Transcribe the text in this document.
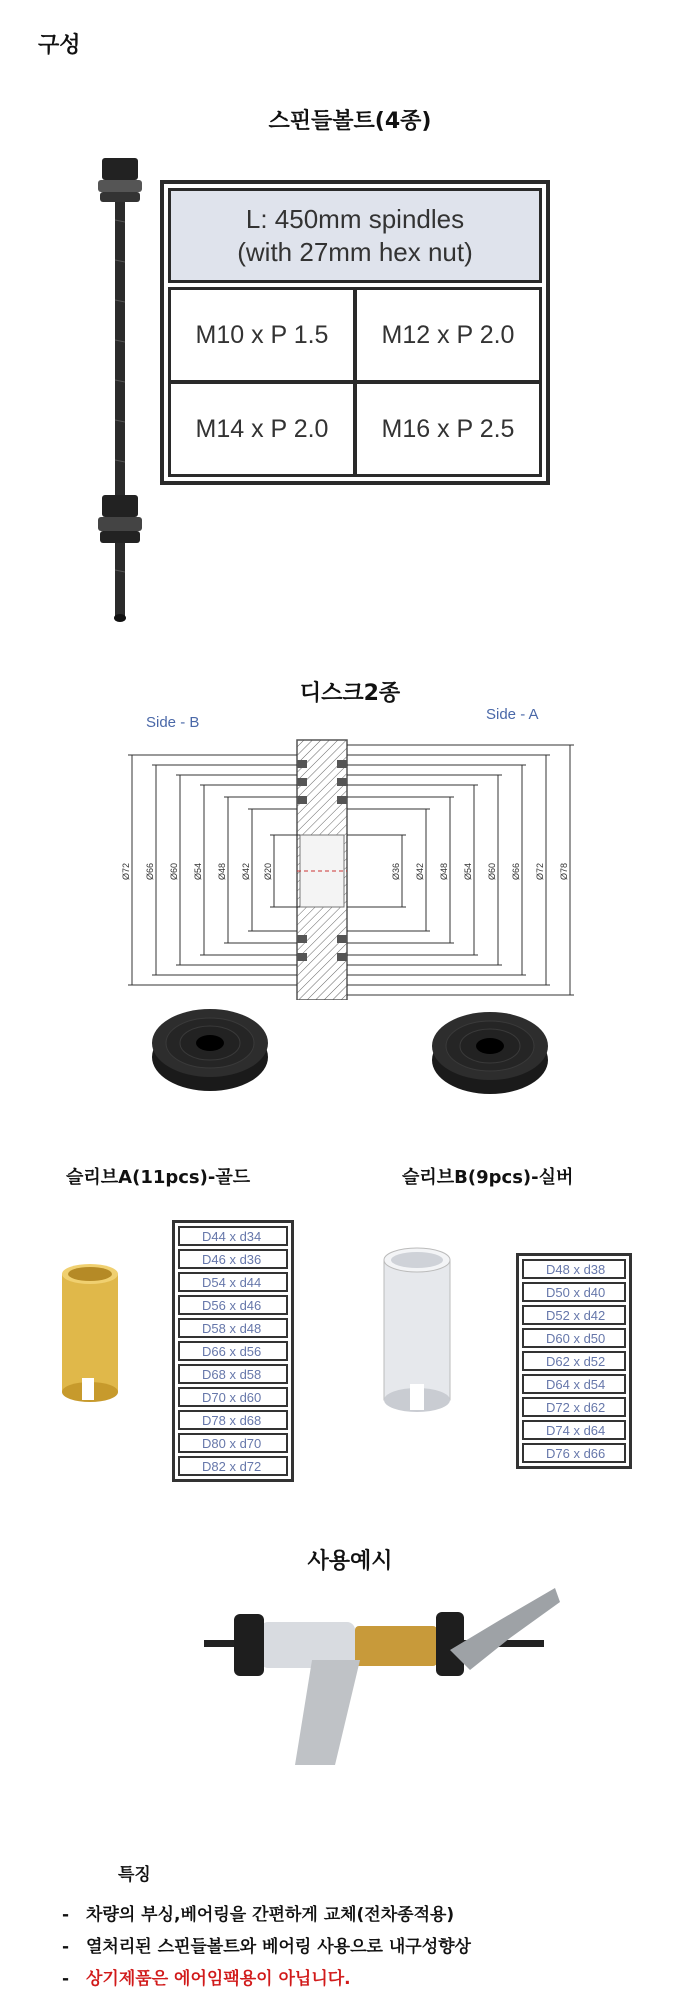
구성
스핀들볼트(4종)
L: 450mm spindles
(with 27mm hex nut)
M10 x P 1.5	M12 x P 2.0
M14 x P 2.0	M16 x P 2.5
디스크2종
Side - B	Side - A
Ø72 Ø66 Ø60 Ø54 Ø48 Ø42 Ø20	Ø36 Ø42 Ø48 Ø54 Ø60 Ø66 Ø72 Ø78
슬리브A(11pcs)-골드
D44 x d34
D46 x d36
D54 x d44
D56 x d46
D58 x d48
D66 x d56
D68 x d58
D70 x d60
D78 x d68
D80 x d70
D82 x d72
슬리브B(9pcs)-실버
D48 x d38
D50 x d40
D52 x d42
D60 x d50
D62 x d52
D64 x d54
D72 x d62
D74 x d64
D76 x d66
사용예시
특징
- 차량의 부싱,베어링을 간편하게 교체(전차종적용)
- 열처리된 스핀들볼트와 베어링 사용으로 내구성향상
- 상기제품은 에어임팩용이 아닙니다.
